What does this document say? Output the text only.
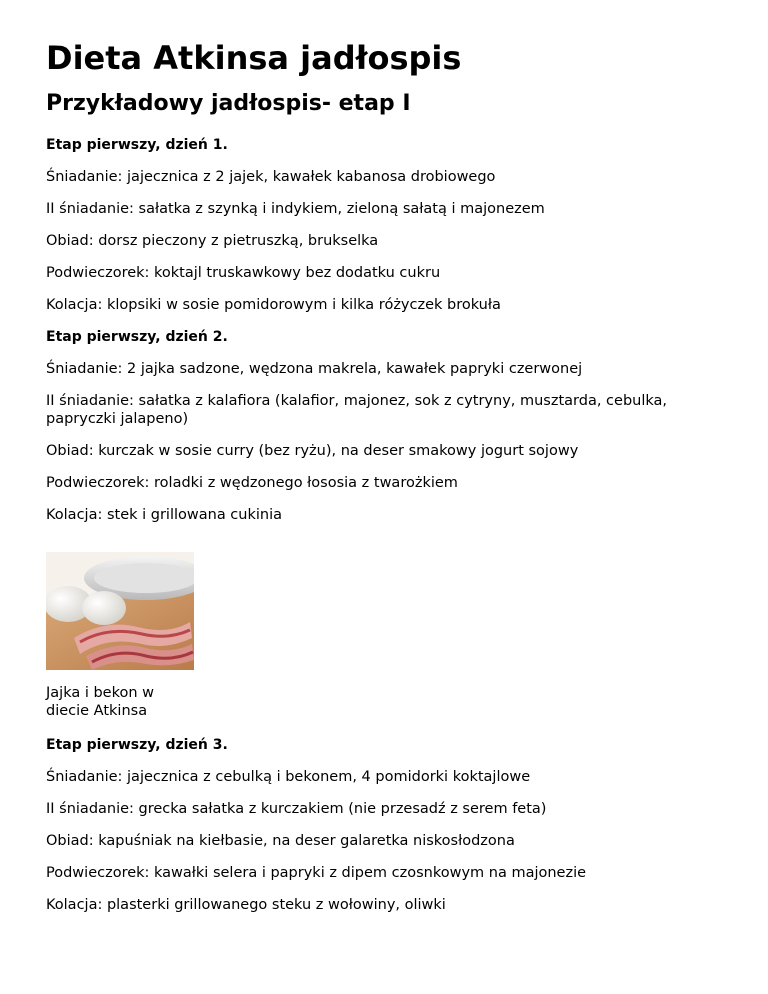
Dieta Atkinsa jadłospis
Przykładowy jadłospis- etap I

Etap pierwszy, dzień 1.

Śniadanie: jajecznica z 2 jajek, kawałek kabanosa drobiowego

II śniadanie: sałatka z szynką i indykiem, zieloną sałatą i majonezem

Obiad: dorsz pieczony z pietruszką, brukselka

Podwieczorek: koktajl truskawkowy bez dodatku cukru

Kolacja: klopsiki w sosie pomidorowym i kilka różyczek brokuła

Etap pierwszy, dzień 2.

Śniadanie: 2 jajka sadzone, wędzona makrela, kawałek papryki czerwonej

II śniadanie: sałatka z kalafiora (kalafior, majonez, sok z cytryny, musztarda, cebulka, papryczki jalapeno)

Obiad: kurczak w sosie curry (bez ryżu), na deser smakowy jogurt sojowy

Podwieczorek: roladki z wędzonego łososia z twarożkiem

Kolacja: stek i grillowana cukinia

Jajka i bekon w diecie Atkinsa

Etap pierwszy, dzień 3.

Śniadanie: jajecznica z cebulką i bekonem, 4 pomidorki koktajlowe

II śniadanie: grecka sałatka z kurczakiem (nie przesadź z serem feta)

Obiad: kapuśniak na kiełbasie, na deser galaretka niskosłodzona

Podwieczorek: kawałki selera i papryki z dipem czosnkowym na majonezie

Kolacja: plasterki grillowanego steku z wołowiny, oliwki
